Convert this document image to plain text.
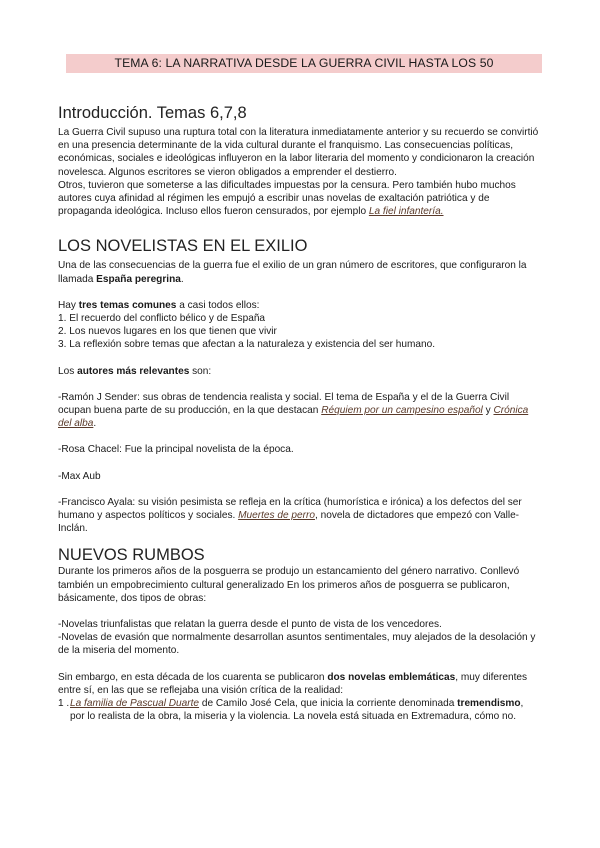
TEMA 6: LA NARRATIVA DESDE LA GUERRA CIVIL HASTA LOS 50
Introducción. Temas 6,7,8

La Guerra Civil supuso una ruptura total con la literatura inmediatamente anterior y su recuerdo se convirtió en una presencia determinante de la vida cultural durante el franquismo. Las consecuencias políticas, económicas, sociales e ideológicas influyeron en la labor literaria del momento y condicionaron la creación novelesca. Algunos escritores se vieron obligados a emprender el destierro.

Otros, tuvieron que someterse a las dificultades impuestas por la censura. Pero también hubo muchos autores cuya afinidad al régimen les empujó a escribir unas novelas de exaltación patriótica y de propaganda ideológica. Incluso ellos fueron censurados, por ejemplo La fiel infantería.

LOS NOVELISTAS EN EL EXILIO

Una de las consecuencias de la guerra fue el exilio de un gran número de escritores, que configuraron la llamada España peregrina.

Hay tres temas comunes a casi todos ellos:

1. El recuerdo del conflicto bélico y de España

2. Los nuevos lugares en los que tienen que vivir

3. La reflexión sobre temas que afectan a la naturaleza y existencia del ser humano.

Los autores más relevantes son:

-Ramón J Sender: sus obras de tendencia realista y social. El tema de España y el de la Guerra Civil ocupan buena parte de su producción, en la que destacan Réquiem por un campesino español y Crónica del alba.

-Rosa Chacel: Fue la principal novelista de la época.

-Max Aub

-Francisco Ayala: su visión pesimista se refleja en la crítica (humorística e irónica) a los defectos del ser humano y aspectos políticos y sociales. Muertes de perro, novela de dictadores que empezó con Valle-Inclán.

NUEVOS RUMBOS

Durante los primeros años de la posguerra se produjo un estancamiento del género narrativo. Conllevó también un empobrecimiento cultural generalizado En los primeros años de posguerra se publicaron, básicamente, dos tipos de obras:

-Novelas triunfalistas que relatan la guerra desde el punto de vista de los vencedores.

-Novelas de evasión que normalmente desarrollan asuntos sentimentales, muy alejados de la desolación y de la miseria del momento.

Sin embargo, en esta década de los cuarenta se publicaron dos novelas emblemáticas, muy diferentes entre sí, en las que se reflejaba una visión crítica de la realidad:

1 . La familia de Pascual Duarte de Camilo José Cela, que inicia la corriente denominada tremendismo, por lo realista de la obra, la miseria y la violencia. La novela está situada en Extremadura, cómo no.
